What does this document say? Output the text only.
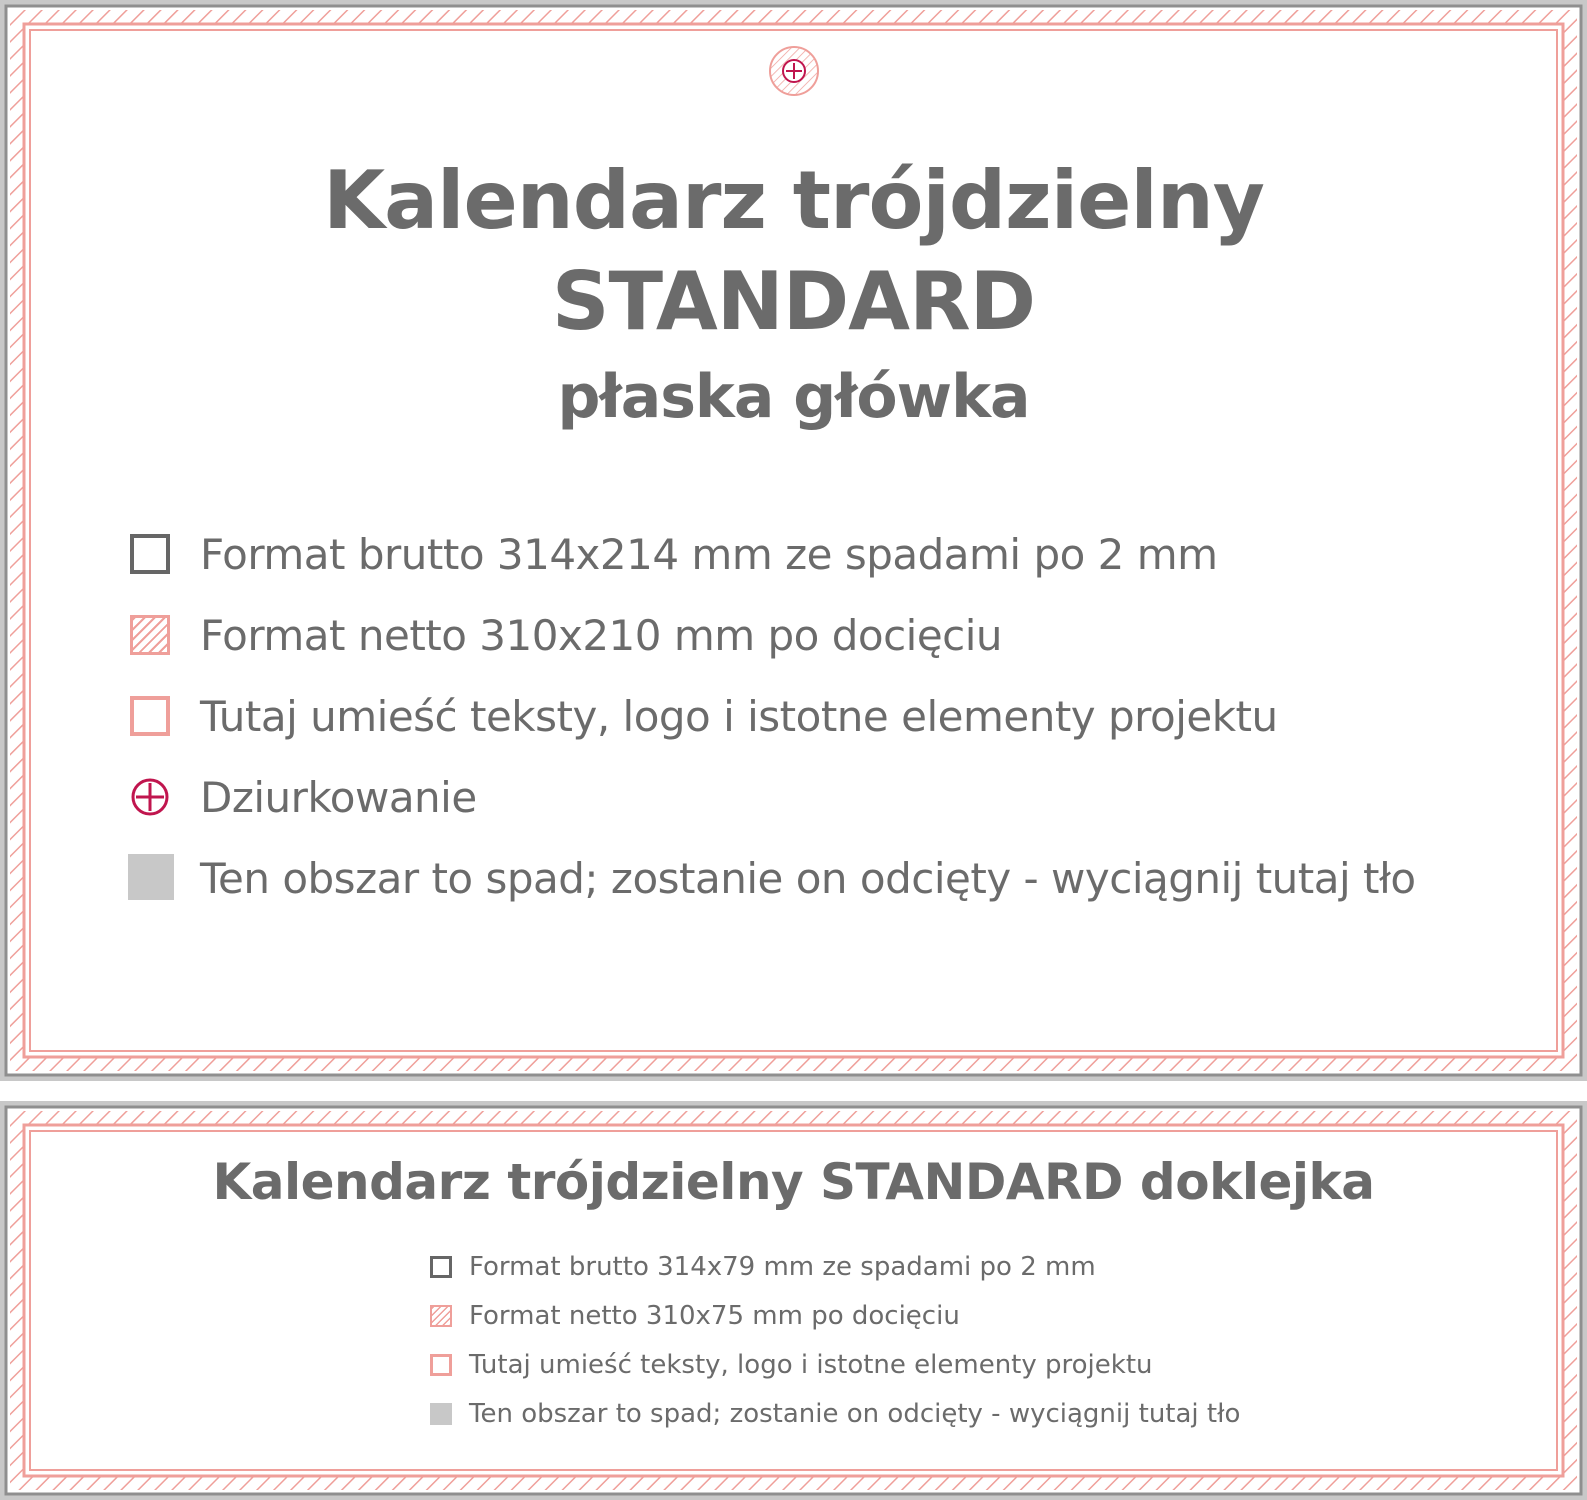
Kalendarz trójdzielny
STANDARD
płaska główka
Format brutto 314x214 mm ze spadami po 2 mm
Format netto 310x210 mm po docięciu
Tutaj umieść teksty, logo i istotne elementy projektu
Dziurkowanie
Ten obszar to spad; zostanie on odcięty - wyciągnij tutaj tło
Kalendarz trójdzielny STANDARD doklejka
Format brutto 314x79 mm ze spadami po 2 mm
Format netto 310x75 mm po docięciu
Tutaj umieść teksty, logo i istotne elementy projektu
Ten obszar to spad; zostanie on odcięty - wyciągnij tutaj tło
